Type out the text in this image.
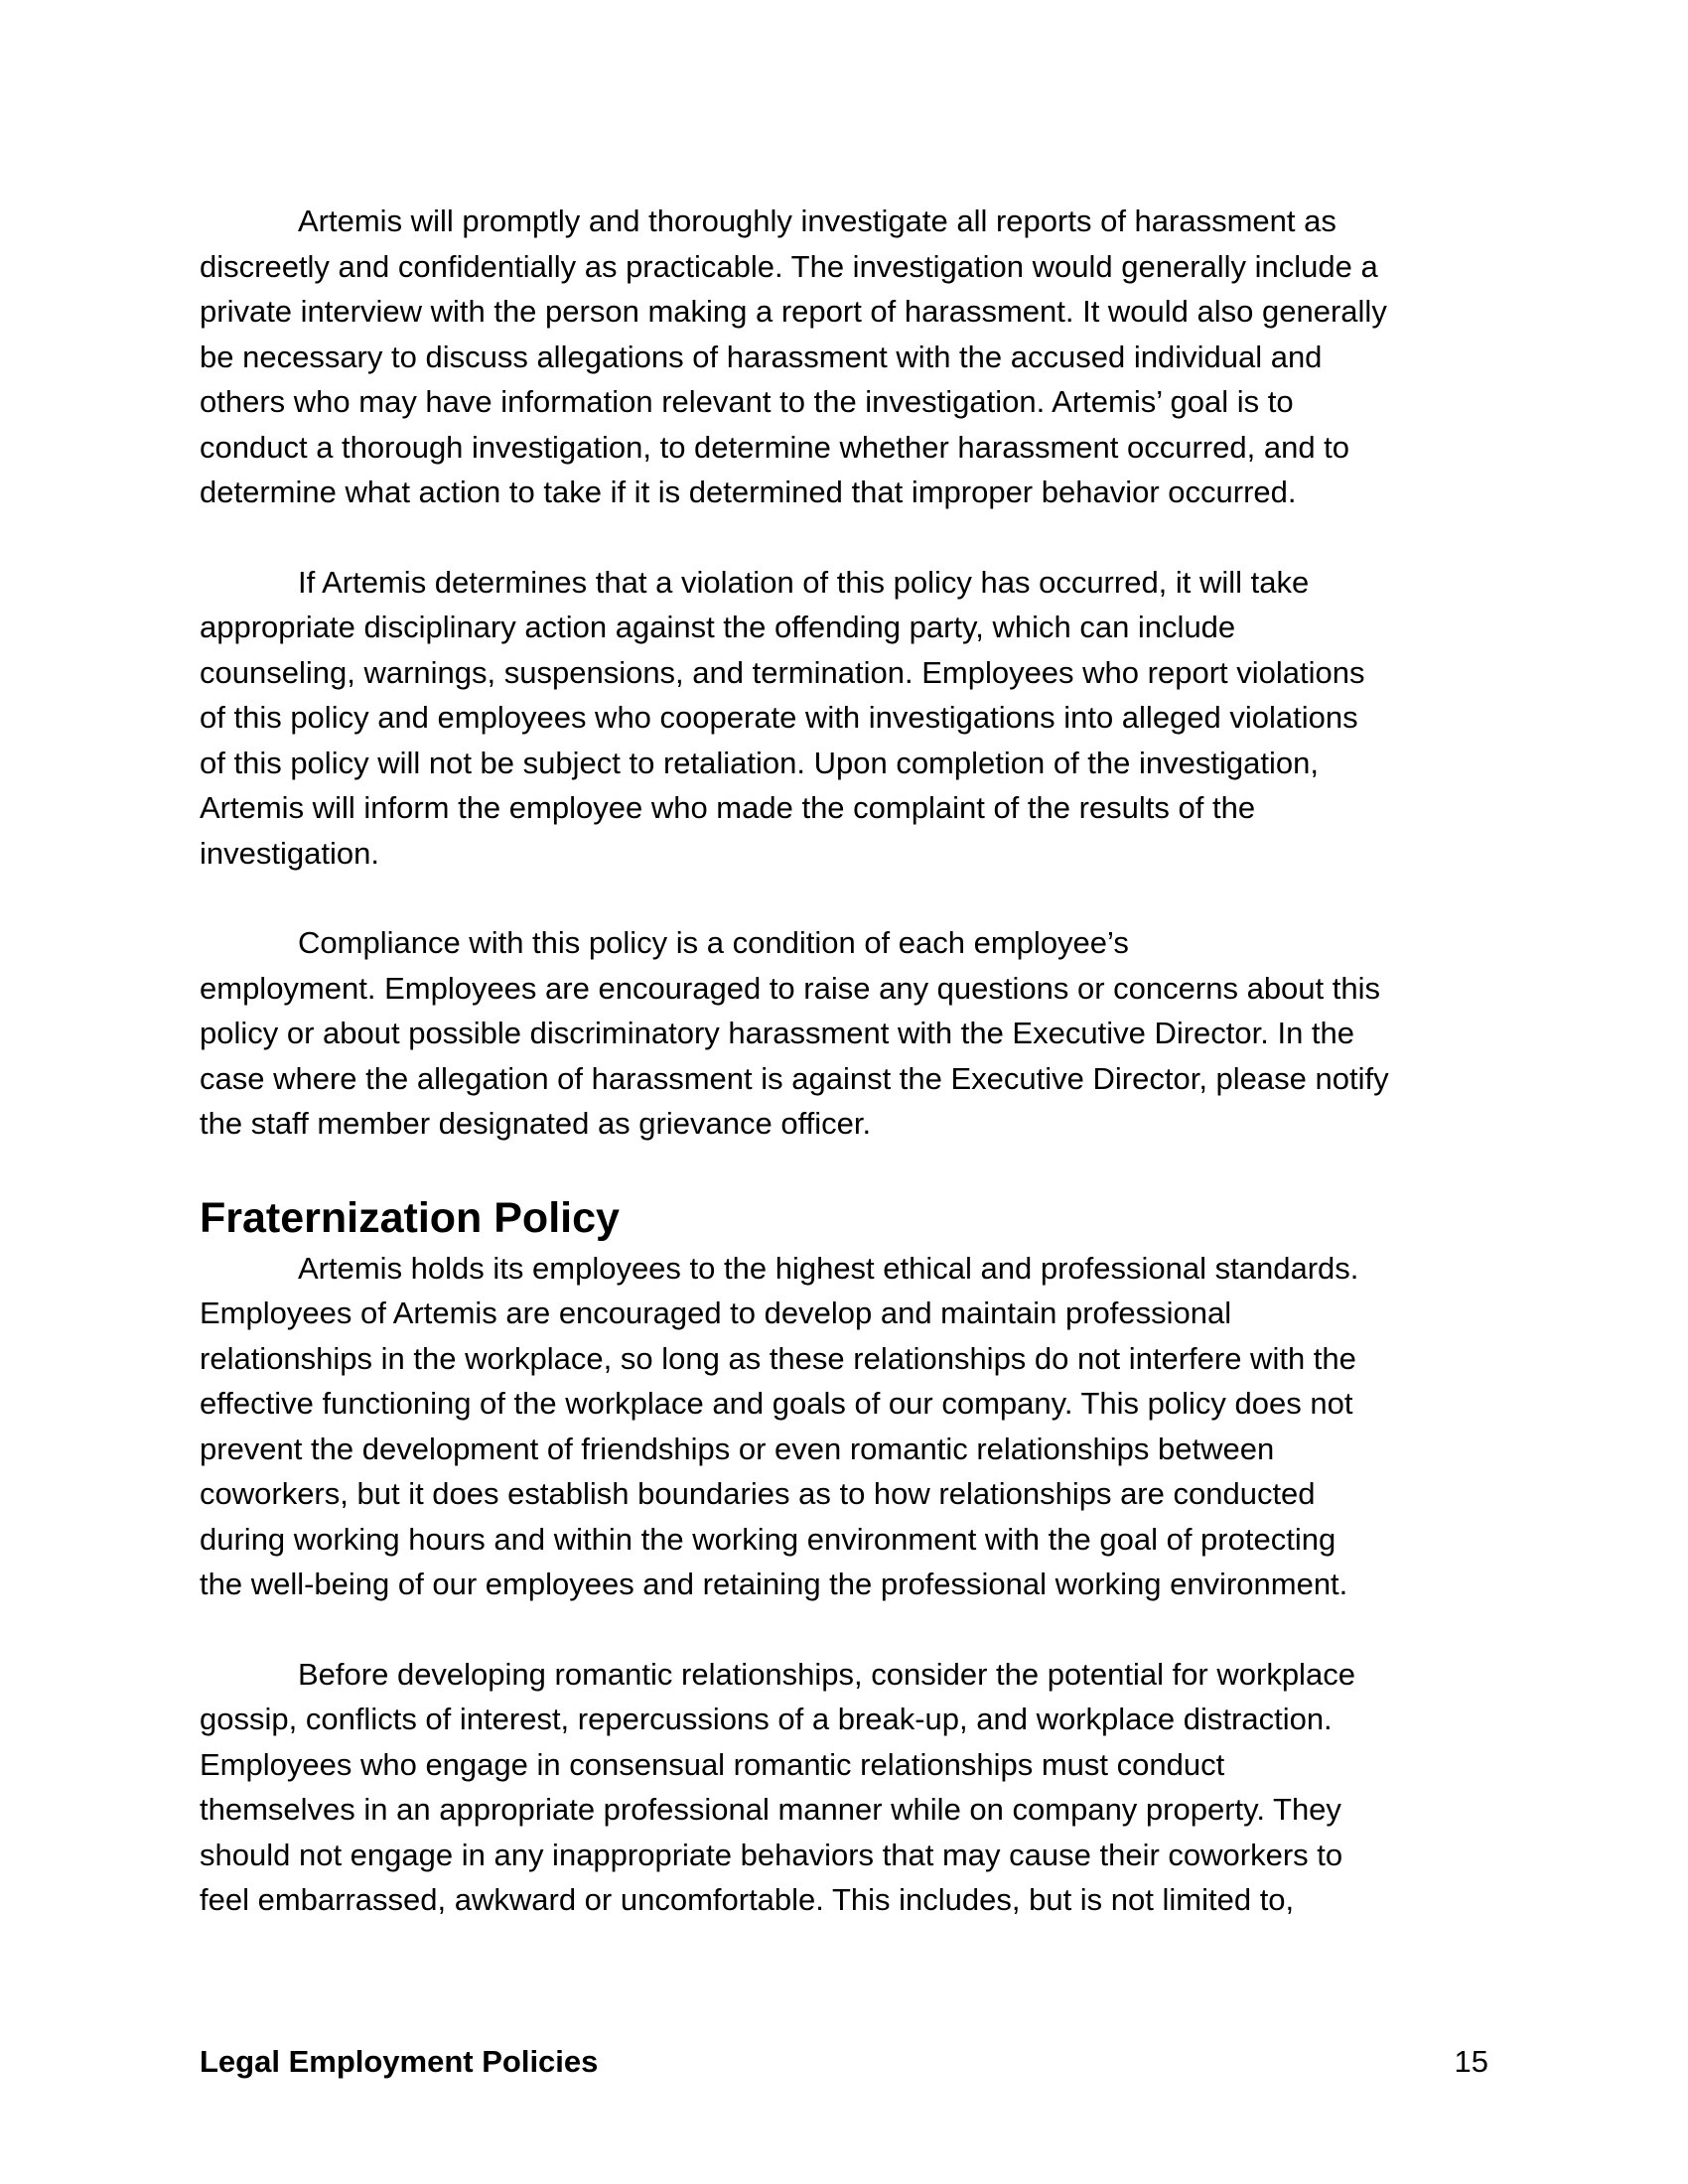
Artemis will promptly and thoroughly investigate all reports of harassment as
discreetly and confidentially as practicable. The investigation would generally include a
private interview with the person making a report of harassment. It would also generally
be necessary to discuss allegations of harassment with the accused individual and
others who may have information relevant to the investigation. Artemis’ goal is to
conduct a thorough investigation, to determine whether harassment occurred, and to
determine what action to take if it is determined that improper behavior occurred.

If Artemis determines that a violation of this policy has occurred, it will take
appropriate disciplinary action against the offending party, which can include
counseling, warnings, suspensions, and termination. Employees who report violations
of this policy and employees who cooperate with investigations into alleged violations
of this policy will not be subject to retaliation. Upon completion of the investigation,
Artemis will inform the employee who made the complaint of the results of the
investigation.

Compliance with this policy is a condition of each employee’s
employment. Employees are encouraged to raise any questions or concerns about this
policy or about possible discriminatory harassment with the Executive Director. In the
case where the allegation of harassment is against the Executive Director, please notify
the staff member designated as grievance officer.

Fraternization Policy

Artemis holds its employees to the highest ethical and professional standards.
Employees of Artemis are encouraged to develop and maintain professional
relationships in the workplace, so long as these relationships do not interfere with the
effective functioning of the workplace and goals of our company. This policy does not
prevent the development of friendships or even romantic relationships between
coworkers, but it does establish boundaries as to how relationships are conducted
during working hours and within the working environment with the goal of protecting
the well-being of our employees and retaining the professional working environment.

Before developing romantic relationships, consider the potential for workplace
gossip, conflicts of interest, repercussions of a break-up, and workplace distraction.
Employees who engage in consensual romantic relationships must conduct
themselves in an appropriate professional manner while on company property. They
should not engage in any inappropriate behaviors that may cause their coworkers to
feel embarrassed, awkward or uncomfortable. This includes, but is not limited to,

Legal Employment Policies	15
